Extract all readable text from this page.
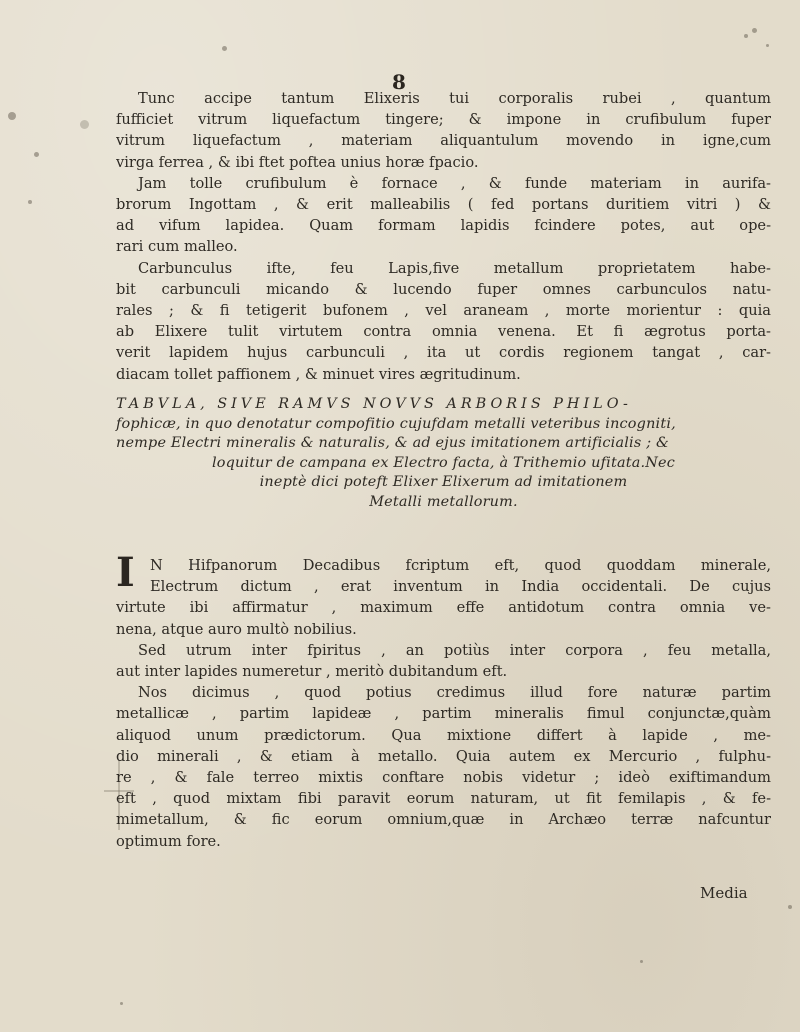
8
Tunc accipe tantum Elixeris tui corporalis rubei , quantum
fufficiet vitrum liquefactum tingere; & impone in crufibulum fuper
vitrum liquefactum , materiam aliquantulum movendo in igne,cum
virga ferrea , & ibi ftet poftea unius horæ fpacio.
Jam tolle crufibulum è fornace , & funde materiam in aurifa-
brorum Ingottam , & erit malleabilis ( fed portans duritiem vitri ) &
ad vifum lapidea. Quam formam lapidis fcindere potes, aut ope-
rari cum malleo.
Carbunculus ifte, feu Lapis,five metallum proprietatem habe-
bit carbunculi micando & lucendo fuper omnes carbunculos natu-
rales ; & fi tetigerit bufonem , vel araneam , morte morientur : quia
ab Elixere tulit virtutem contra omnia venena. Et fi ægrotus porta-
verit lapidem hujus carbunculi , ita ut cordis regionem tangat , car-
diacam tollet paffionem , & minuet vires ægritudinum.
TABVLA, SIVE RAMVS NOVVS ARBORIS PHILO-
fophicæ, in quo denotatur compofitio cujufdam metalli veteribus incogniti,
nempe Electri mineralis & naturalis, & ad ejus imitationem artificialis ; &
loquitur de campana ex Electro facta, à Trithemio ufitata.Nec
ineptè dici poteft Elixer Elixerum ad imitationem
Metalli metallorum.
I	N Hifpanorum Decadibus fcriptum eft, quod quoddam minerale,
Electrum dictum , erat inventum in India occidentali. De cujus
virtute ibi affirmatur , maximum effe antidotum contra omnia ve-
nena, atque auro multò nobilius.
Sed utrum inter fpiritus , an potiùs inter corpora , feu metalla,
aut inter lapides numeretur , meritò dubitandum eft.
Nos dicimus , quod potius credimus illud fore naturæ partim
metallicæ , partim lapideæ , partim mineralis fimul conjunctæ,quàm
aliquod unum prædictorum. Qua mixtione differt à lapide , me-
dio minerali , & etiam à metallo. Quia autem ex Mercurio , fulphu-
re , & fale terreo mixtis conftare nobis videtur ; ideò exiftimandum
eft , quod mixtam fibi paravit eorum naturam, ut fit femilapis , & fe-
mimetallum, & fic eorum omnium,quæ in Archæo terræ nafcuntur
optimum fore.
Media
